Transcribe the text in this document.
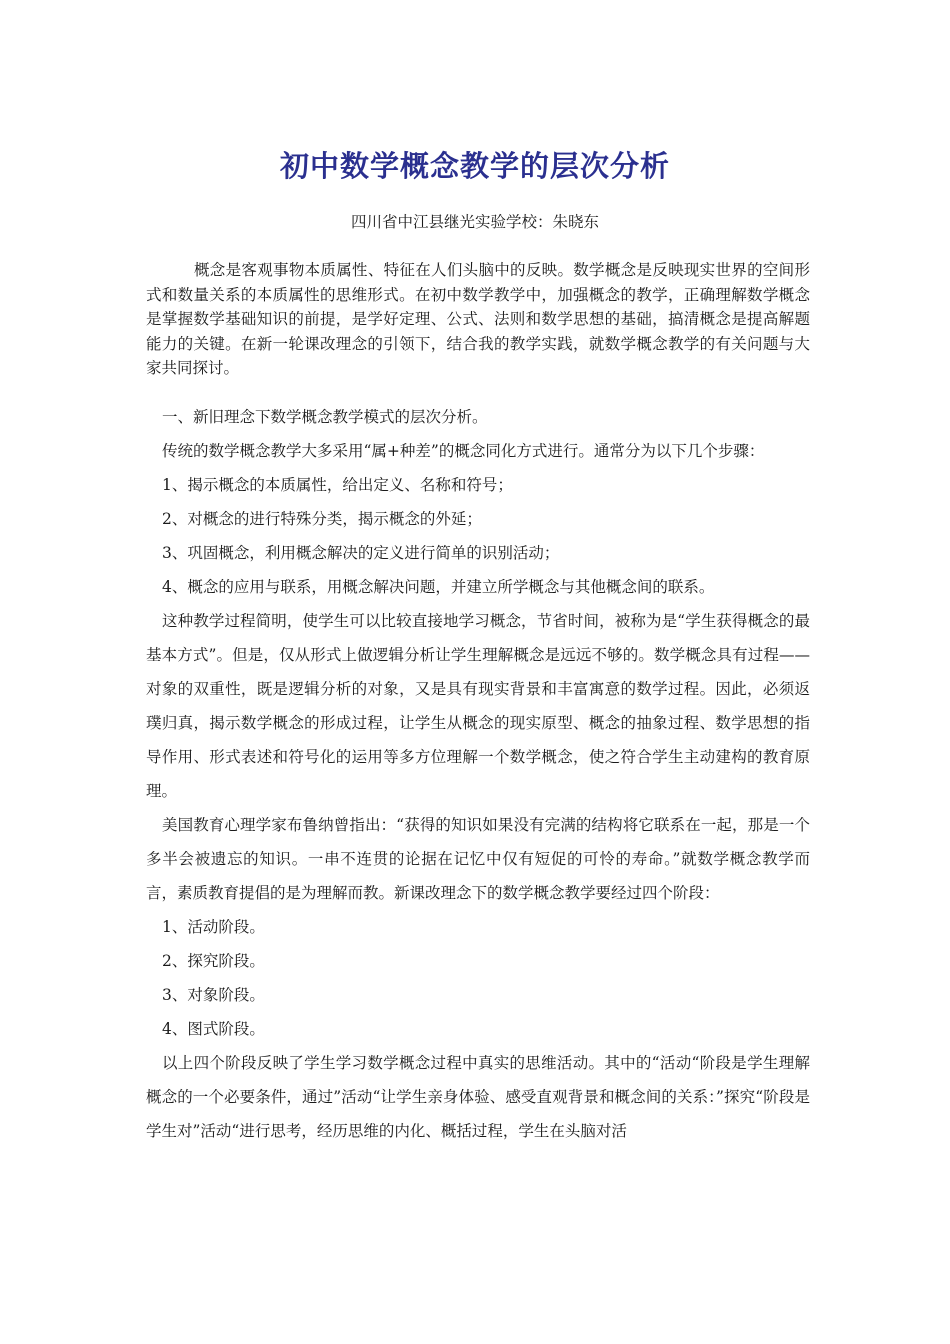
初中数学概念教学的层次分析
四川省中江县继光实验学校：朱晓东

概念是客观事物本质属性、特征在人们头脑中的反映。数学概念是反映现实世界的空间形式和数量关系的本质属性的思维形式。在初中数学教学中，加强概念的教学，正确理解数学概念是掌握数学基础知识的前提，是学好定理、公式、法则和数学思想的基础，搞清概念是提高解题能力的关键。在新一轮课改理念的引领下，结合我的教学实践，就数学概念教学的有关问题与大家共同探讨。

一、新旧理念下数学概念教学模式的层次分析。

传统的数学概念教学大多采用“属+种差”的概念同化方式进行。通常分为以下几个步骤：

1、揭示概念的本质属性，给出定义、名称和符号；

2、对概念的进行特殊分类，揭示概念的外延；

3、巩固概念，利用概念解决的定义进行简单的识别活动；

4、概念的应用与联系，用概念解决问题，并建立所学概念与其他概念间的联系。

这种教学过程简明，使学生可以比较直接地学习概念，节省时间，被称为是“学生获得概念的最基本方式”。但是，仅从形式上做逻辑分析让学生理解概念是远远不够的。数学概念具有过程——对象的双重性，既是逻辑分析的对象，又是具有现实背景和丰富寓意的数学过程。因此，必须返璞归真，揭示数学概念的形成过程，让学生从概念的现实原型、概念的抽象过程、数学思想的指导作用、形式表述和符号化的运用等多方位理解一个数学概念，使之符合学生主动建构的教育原理。

美国教育心理学家布鲁纳曾指出：“获得的知识如果没有完满的结构将它联系在一起，那是一个多半会被遗忘的知识。一串不连贯的论据在记忆中仅有短促的可怜的寿命。”就数学概念教学而言，素质教育提倡的是为理解而教。新课改理念下的数学概念教学要经过四个阶段：

1、活动阶段。

2、探究阶段。

3、对象阶段。

4、图式阶段。

以上四个阶段反映了学生学习数学概念过程中真实的思维活动。其中的“活动“阶段是学生理解概念的一个必要条件，通过”活动“让学生亲身体验、感受直观背景和概念间的关系：”探究“阶段是学生对”活动“进行思考，经历思维的内化、概括过程，学生在头脑对活
